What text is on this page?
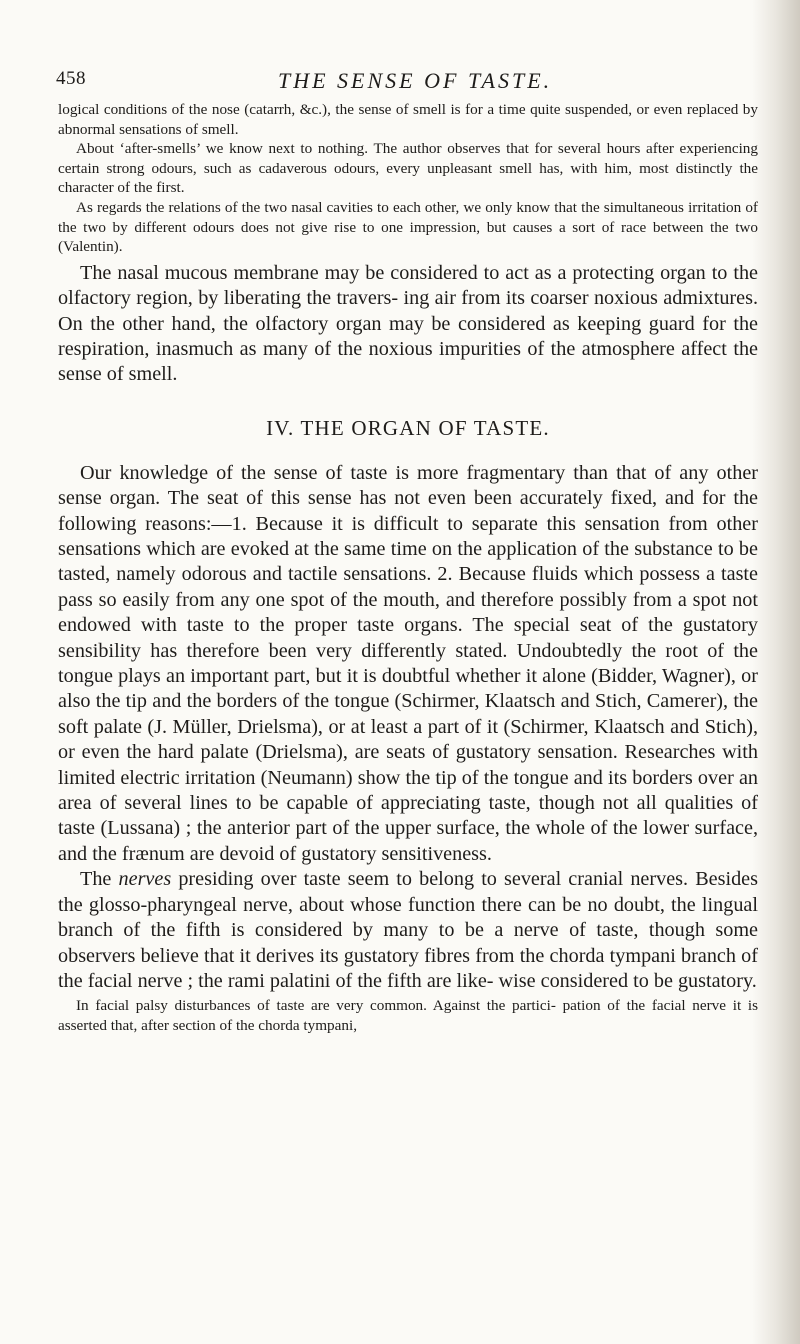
458	THE SENSE OF TASTE.

logical conditions of the nose (catarrh, &c.), the sense of smell is for a time quite suspended, or even replaced by abnormal sensations of smell.

About ‘after-smells’ we know next to nothing. The author observes that for several hours after experiencing certain strong odours, such as cadaverous odours, every unpleasant smell has, with him, most distinctly the character of the first.

As regards the relations of the two nasal cavities to each other, we only know that the simultaneous irritation of the two by different odours does not give rise to one impression, but causes a sort of race between the two (Valentin).

The nasal mucous membrane may be considered to act as a protecting organ to the olfactory region, by liberating the travers- ing air from its coarser noxious admixtures. On the other hand, the olfactory organ may be considered as keeping guard for the respiration, inasmuch as many of the noxious impurities of the atmosphere affect the sense of smell.

IV. THE ORGAN OF TASTE.

Our knowledge of the sense of taste is more fragmentary than that of any other sense organ. The seat of this sense has not even been accurately fixed, and for the following reasons:—1. Because it is difficult to separate this sensation from other sensations which are evoked at the same time on the application of the substance to be tasted, namely odorous and tactile sensations. 2. Because fluids which possess a taste pass so easily from any one spot of the mouth, and therefore possibly from a spot not endowed with taste to the proper taste organs. The special seat of the gustatory sensibility has therefore been very differently stated. Undoubtedly the root of the tongue plays an important part, but it is doubtful whether it alone (Bidder, Wagner), or also the tip and the borders of the tongue (Schirmer, Klaatsch and Stich, Camerer), the soft palate (J. Müller, Drielsma), or at least a part of it (Schirmer, Klaatsch and Stich), or even the hard palate (Drielsma), are seats of gustatory sensation. Researches with limited electric irritation (Neumann) show the tip of the tongue and its borders over an area of several lines to be capable of appreciating taste, though not all qualities of taste (Lussana) ; the anterior part of the upper surface, the whole of the lower surface, and the frænum are devoid of gustatory sensitiveness.

The nerves presiding over taste seem to belong to several cranial nerves. Besides the glosso-pharyngeal nerve, about whose function there can be no doubt, the lingual branch of the fifth is considered by many to be a nerve of taste, though some observers believe that it derives its gustatory fibres from the chorda tympani branch of the facial nerve ; the rami palatini of the fifth are like- wise considered to be gustatory.

In facial palsy disturbances of taste are very common. Against the partici- pation of the facial nerve it is asserted that, after section of the chorda tympani,
